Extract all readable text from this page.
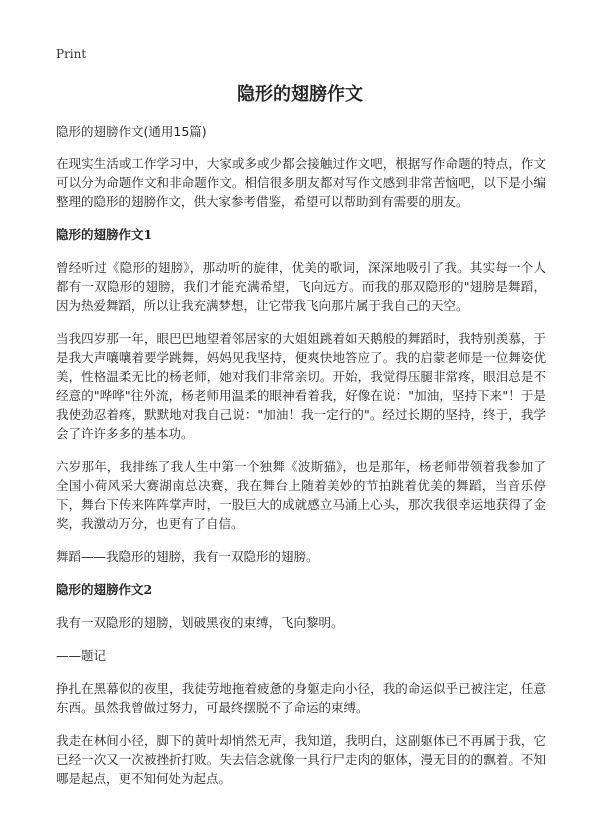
Print
隐形的翅膀作文
隐形的翅膀作文(通用15篇)

在现实生活或工作学习中，大家或多或少都会接触过作文吧，根据写作命题的特点，作文可以分为命题作文和非命题作文。相信很多朋友都对写作文感到非常苦恼吧，以下是小编整理的隐形的翅膀作文，供大家参考借鉴，希望可以帮助到有需要的朋友。

隐形的翅膀作文1

曾经听过《隐形的翅膀》，那动听的旋律，优美的歌词，深深地吸引了我。其实每一个人都有一双隐形的翅膀，我们才能充满希望，飞向远方。而我的那双隐形的"翅膀是舞蹈，因为热爱舞蹈，所以让我充满梦想，让它带我飞向那片属于我自己的天空。

当我四岁那一年，眼巴巴地望着邻居家的大姐姐跳着如天鹅般的舞蹈时，我特别羡慕，于是我大声嚷嚷着要学跳舞，妈妈见我坚持，便爽快地答应了。我的启蒙老师是一位舞姿优美，性格温柔无比的杨老师，她对我们非常亲切。开始，我觉得压腿非常疼，眼泪总是不经意的"哗哗"往外流，杨老师用温柔的眼神看着我，好像在说："加油，坚持下来"！于是我使劲忍着疼，默默地对我自己说："加油！我一定行的"。经过长期的坚持，终于，我学会了许许多多的基本功。

六岁那年，我排练了我人生中第一个独舞《波斯猫》，也是那年，杨老师带领着我参加了全国小荷风采大赛湖南总决赛，我在舞台上随着美妙的节拍跳着优美的舞蹈，当音乐停下，舞台下传来阵阵掌声时，一股巨大的成就感立马涌上心头，那次我很幸运地获得了金奖，我激动万分，也更有了自信。

舞蹈——我隐形的翅膀，我有一双隐形的翅膀。

隐形的翅膀作文2

我有一双隐形的翅膀，划破黑夜的束缚，飞向黎明。

——题记

挣扎在黑幕似的夜里，我徒劳地拖着疲惫的身躯走向小径，我的命运似乎已被注定，任意东西。虽然我曾做过努力，可最终摆脱不了命运的束缚。

我走在林间小径，脚下的黄叶却悄然无声，我知道，我明白，这副躯体已不再属于我，它已经一次又一次被挫折打败。失去信念就像一具行尸走肉的躯体，漫无目的的飘着。不知哪是起点，更不知何处为起点。
